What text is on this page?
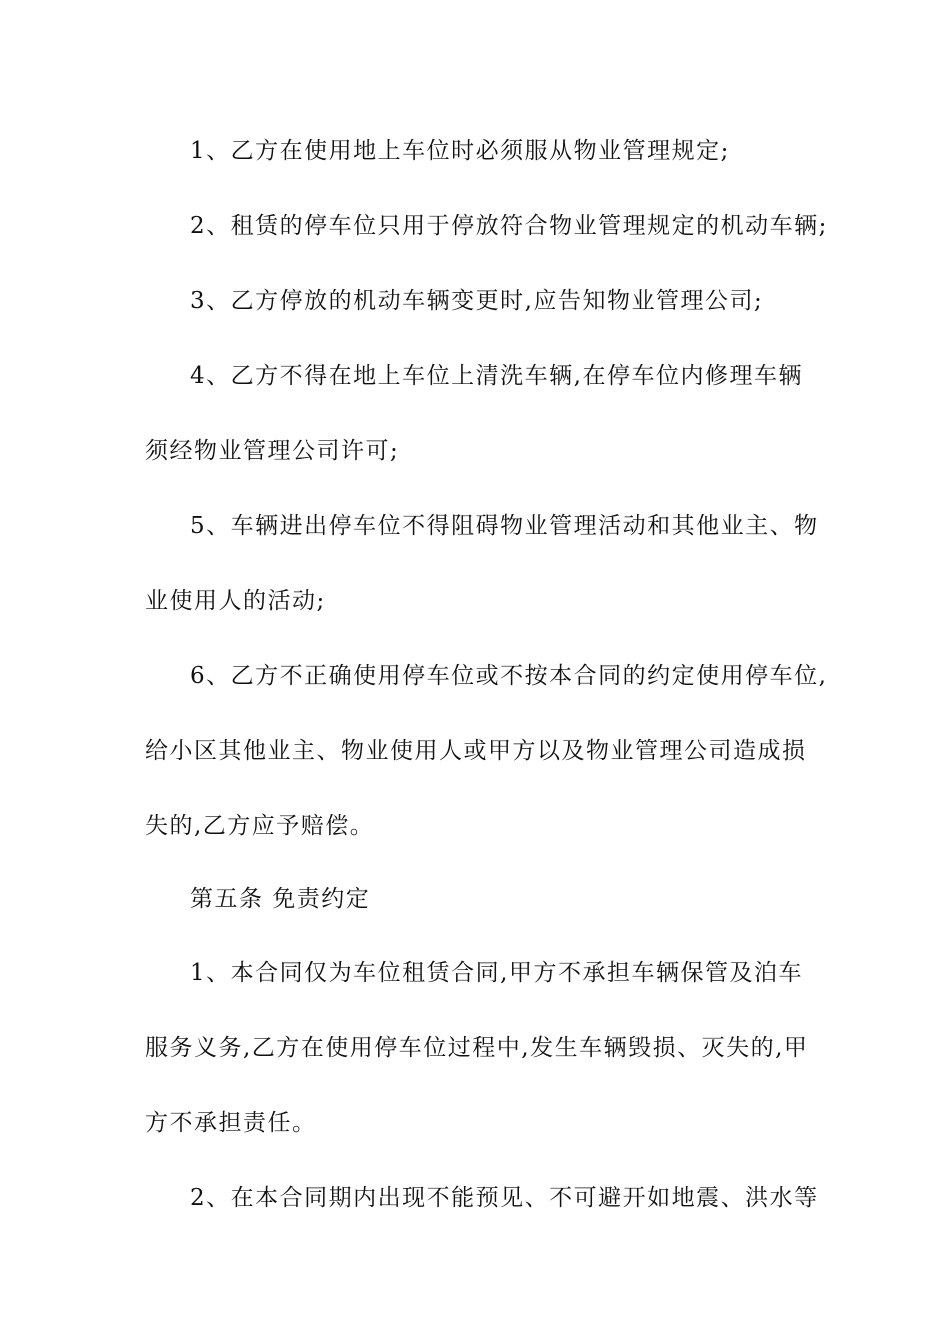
1、乙方在使用地上车位时必须服从物业管理规定;
2、租赁的停车位只用于停放符合物业管理规定的机动车辆;
3、乙方停放的机动车辆变更时,应告知物业管理公司;
4、乙方不得在地上车位上清洗车辆,在停车位内修理车辆
须经物业管理公司许可;
5、车辆进出停车位不得阻碍物业管理活动和其他业主、物
业使用人的活动;
6、乙方不正确使用停车位或不按本合同的约定使用停车位,
给小区其他业主、物业使用人或甲方以及物业管理公司造成损
失的,乙方应予赔偿。
第五条 免责约定
1、本合同仅为车位租赁合同,甲方不承担车辆保管及泊车
服务义务,乙方在使用停车位过程中,发生车辆毁损、灭失的,甲
方不承担责任。
2、在本合同期内出现不能预见、不可避开如地震、洪水等
